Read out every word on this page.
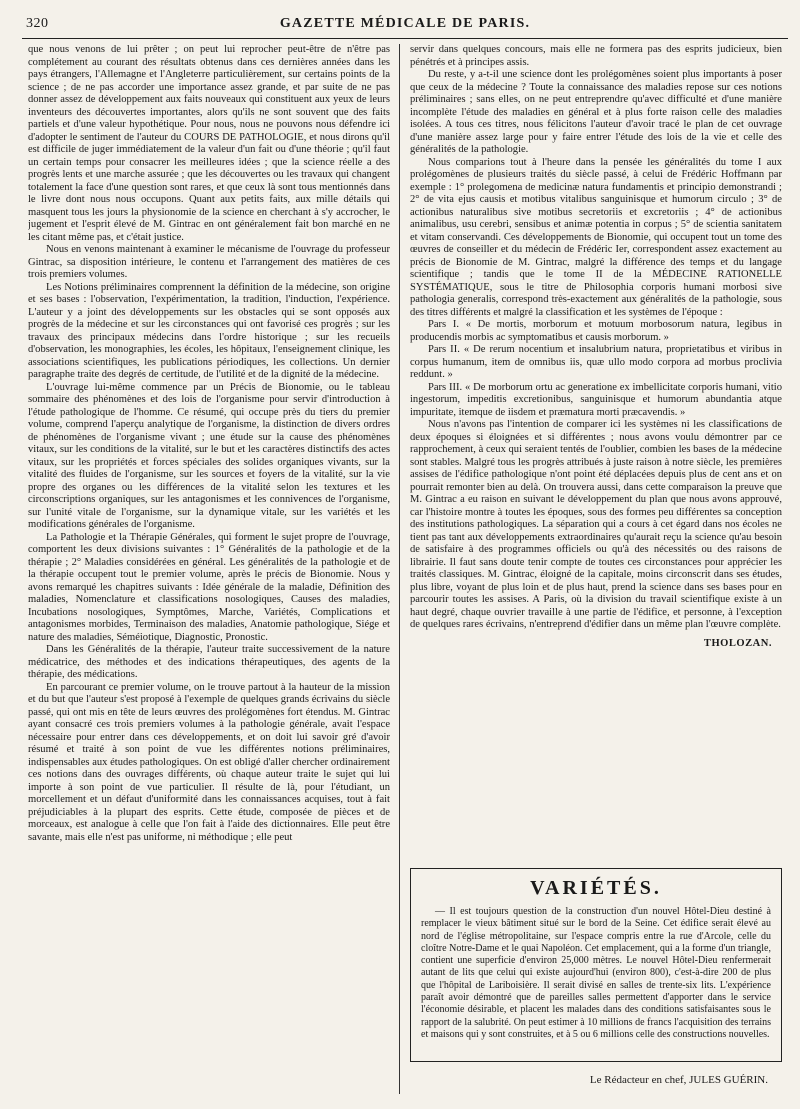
320	GAZETTE MÉDICALE DE PARIS.

que nous venons de lui prêter ; on peut lui reprocher peut-être de n'être pas complétement au courant des résultats obtenus dans ces dernières années dans les pays étrangers, l'Allemagne et l'Angleterre particulièrement, sur certains points de la science ; de ne pas accorder une importance assez grande, et par suite de ne pas donner assez de développement aux faits nouveaux qui constituent aux yeux de leurs inventeurs des découvertes importantes, alors qu'ils ne sont souvent que des faits partiels et d'une valeur hypothétique. Pour nous, nous ne pouvons nous défendre ici d'adopter le sentiment de l'auteur du COURS DE PATHOLOGIE, et nous dirons qu'il est difficile de juger immédiatement de la valeur d'un fait ou d'une théorie ; qu'il faut un certain temps pour consacrer les meilleures idées ; que la science réelle a des progrès lents et une marche assurée ; que les découvertes ou les travaux qui changent totalement la face d'une question sont rares, et que ceux là sont tous mentionnés dans le livre dont nous nous occupons. Quant aux petits faits, aux mille détails qui masquent tous les jours la physionomie de la science en cherchant à s'y accrocher, le jugement et l'esprit élevé de M. Gintrac en ont généralement fait bon marché en ne les citant même pas, et c'était justice.

Nous en venons maintenant à examiner le mécanisme de l'ouvrage du professeur Gintrac, sa disposition intérieure, le contenu et l'arrangement des matières de ces trois premiers volumes.

Les Notions préliminaires comprennent la définition de la médecine, son origine et ses bases : l'observation, l'expérimentation, la tradition, l'induction, l'expérience. L'auteur y a joint des développements sur les obstacles qui se sont opposés aux progrès de la médecine et sur les circonstances qui ont favorisé ces progrès ; sur les travaux des principaux médecins dans l'ordre historique ; sur les recueils d'observation, les monographies, les écoles, les hôpitaux, l'enseignement clinique, les associations scientifiques, les publications périodiques, les collections. Un dernier paragraphe traite des degrés de certitude, de l'utilité et de la dignité de la médecine.

L'ouvrage lui-même commence par un Précis de Bionomie, ou le tableau sommaire des phénomènes et des lois de l'organisme pour servir d'introduction à l'étude pathologique de l'homme. Ce résumé, qui occupe près du tiers du premier volume, comprend l'aperçu analytique de l'organisme, la distinction de divers ordres de phénomènes de l'organisme vivant ; une étude sur la cause des phénomènes vitaux, sur les conditions de la vitalité, sur le but et les caractères distinctifs des actes vitaux, sur les propriétés et forces spéciales des solides organiques vivants, sur la vitalité des fluides de l'organisme, sur les sources et foyers de la vitalité, sur la vie propre des organes ou les différences de la vitalité selon les textures et les circonscriptions organiques, sur les antagonismes et les connivences de l'organisme, sur l'unité vitale de l'organisme, sur la dynamique vitale, sur les variétés et les modifications générales de l'organisme.

La Pathologie et la Thérapie Générales, qui forment le sujet propre de l'ouvrage, comportent les deux divisions suivantes : 1° Généralités de la pathologie et de la thérapie ; 2° Maladies considérées en général. Les généralités de la pathologie et de la thérapie occupent tout le premier volume, après le précis de Bionomie. Nous y avons remarqué les chapitres suivants : Idée générale de la maladie, Définition des maladies, Nomenclature et classifications nosologiques, Causes des maladies, Incubations nosologiques, Symptômes, Marche, Variétés, Complications et antagonismes morbides, Terminaison des maladies, Anatomie pathologique, Siége et nature des maladies, Séméiotique, Diagnostic, Pronostic.

Dans les Généralités de la thérapie, l'auteur traite successivement de la nature médicatrice, des méthodes et des indications thérapeutiques, des agents de la thérapie, des médications.

En parcourant ce premier volume, on le trouve partout à la hauteur de la mission et du but que l'auteur s'est proposé à l'exemple de quelques grands écrivains du siècle passé, qui ont mis en tête de leurs œuvres des prolégomènes fort étendus. M. Gintrac ayant consacré ces trois premiers volumes à la pathologie générale, avait l'espace nécessaire pour entrer dans ces développements, et on doit lui savoir gré d'avoir résumé et traité à son point de vue les différentes notions préliminaires, indispensables aux études pathologiques. On est obligé d'aller chercher ordinairement ces notions dans des ouvrages différents, où chaque auteur traite le sujet qui lui importe à son point de vue particulier. Il résulte de là, pour l'étudiant, un morcellement et un défaut d'uniformité dans les connaissances acquises, tout à fait préjudiciables à la plupart des esprits. Cette étude, composée de pièces et de morceaux, est analogue à celle que l'on fait à l'aide des dictionnaires. Elle peut être savante, mais elle n'est pas uniforme, ni méthodique ; elle peut

servir dans quelques concours, mais elle ne formera pas des esprits judicieux, bien pénétrés et à principes assis.

Du reste, y a-t-il une science dont les prolégomènes soient plus importants à poser que ceux de la médecine ? Toute la connaissance des maladies repose sur ces notions préliminaires ; sans elles, on ne peut entreprendre qu'avec difficulté et d'une manière incomplète l'étude des maladies en général et à plus forte raison celle des maladies isolées. A tous ces titres, nous félicitons l'auteur d'avoir tracé le plan de cet ouvrage d'une manière assez large pour y faire entrer l'étude des lois de la vie et celle des généralités de la pathologie.

Nous comparions tout à l'heure dans la pensée les généralités du tome I aux prolégomènes de plusieurs traités du siècle passé, à celui de Frédéric Hoffmann par exemple : 1° prolegomena de medicinæ natura fundamentis et principio demonstrandi ; 2° de vita ejus causis et motibus vitalibus sanguinisque et humorum circulo ; 3° de actionibus naturalibus sive motibus secretoriis et excretoriis ; 4° de actionibus animalibus, usu cerebri, sensibus et animæ potentia in corpus ; 5° de scientia sanitatem et vitam conservandi. Ces développements de Bionomie, qui occupent tout un tome des œuvres de conseiller et du médecin de Frédéric Ier, correspondent assez exactement au précis de Bionomie de M. Gintrac, malgré la différence des temps et du langage scientifique ; tandis que le tome II de la MÉDECINE RATIONELLE SYSTÉMATIQUE, sous le titre de Philosophia corporis humani morbosi sive pathologia generalis, correspond très-exactement aux généralités de la pathologie, sous des titres différents et malgré la classification et les systèmes de l'époque :

Pars I. « De mortis, morborum et motuum morbosorum natura, legibus in producendis morbis ac symptomatibus et causis morborum. »

Pars II. « De rerum nocentium et insalubrium natura, proprietatibus et viribus in corpus humanum, item de omnibus iis, quæ ullo modo corpora ad morbus proclivia reddunt. »

Pars III. « De morborum ortu ac generatione ex imbellicitate corporis humani, vitio ingestorum, impeditis excretionibus, sanguinisque et humorum abundantia atque impuritate, itemque de iisdem et præmatura morti præcavendis. »

Nous n'avons pas l'intention de comparer ici les systèmes ni les classifications de deux époques si éloignées et si différentes ; nous avons voulu démontrer par ce rapprochement, à ceux qui seraient tentés de l'oublier, combien les bases de la médecine sont stables. Malgré tous les progrès attribués à juste raison à notre siècle, les premières assises de l'édifice pathologique n'ont point été déplacées depuis plus de cent ans et on pourrait remonter bien au delà. On trouvera aussi, dans cette comparaison la preuve que M. Gintrac a eu raison en suivant le développement du plan que nous avons approuvé, car l'histoire montre à toutes les époques, sous des formes peu différentes sa conception des institutions pathologiques. La séparation qui a cours à cet égard dans nos écoles ne tient pas tant aux développements extraordinaires qu'aurait reçu la science qu'au besoin de satisfaire à des programmes officiels ou qu'à des nécessités ou des raisons de librairie. Il faut sans doute tenir compte de toutes ces circonstances pour apprécier les traités classiques. M. Gintrac, éloigné de la capitale, moins circonscrit dans ses études, plus libre, voyant de plus loin et de plus haut, prend la science dans ses bases pour en parcourir toutes les assises. A Paris, où la division du travail scientifique existe à un haut degré, chaque ouvrier travaille à une partie de l'édifice, et personne, à l'exception de quelques rares écrivains, n'entreprend d'édifier dans un même plan l'œuvre complète.

THOLOZAN.
VARIÉTÉS.

— Il est toujours question de la construction d'un nouvel Hôtel-Dieu destiné à remplacer le vieux bâtiment situé sur le bord de la Seine. Cet édifice serait élevé au nord de l'église métropolitaine, sur l'espace compris entre la rue d'Arcole, celle du cloître Notre-Dame et le quai Napoléon. Cet emplacement, qui a la forme d'un triangle, contient une superficie d'environ 25,000 mètres. Le nouvel Hôtel-Dieu renfermerait autant de lits que celui qui existe aujourd'hui (environ 800), c'est-à-dire 200 de plus que l'hôpital de Lariboisière. Il serait divisé en salles de trente-six lits. L'expérience paraît avoir démontré que de pareilles salles permettent d'apporter dans le service l'économie désirable, et placent les malades dans des conditions satisfaisantes sous le rapport de la salubrité. On peut estimer à 10 millions de francs l'acquisition des terrains et maisons qui y sont construites, et à 5 ou 6 millions celle des constructions nouvelles.

Le Rédacteur en chef, JULES GUÉRIN.
